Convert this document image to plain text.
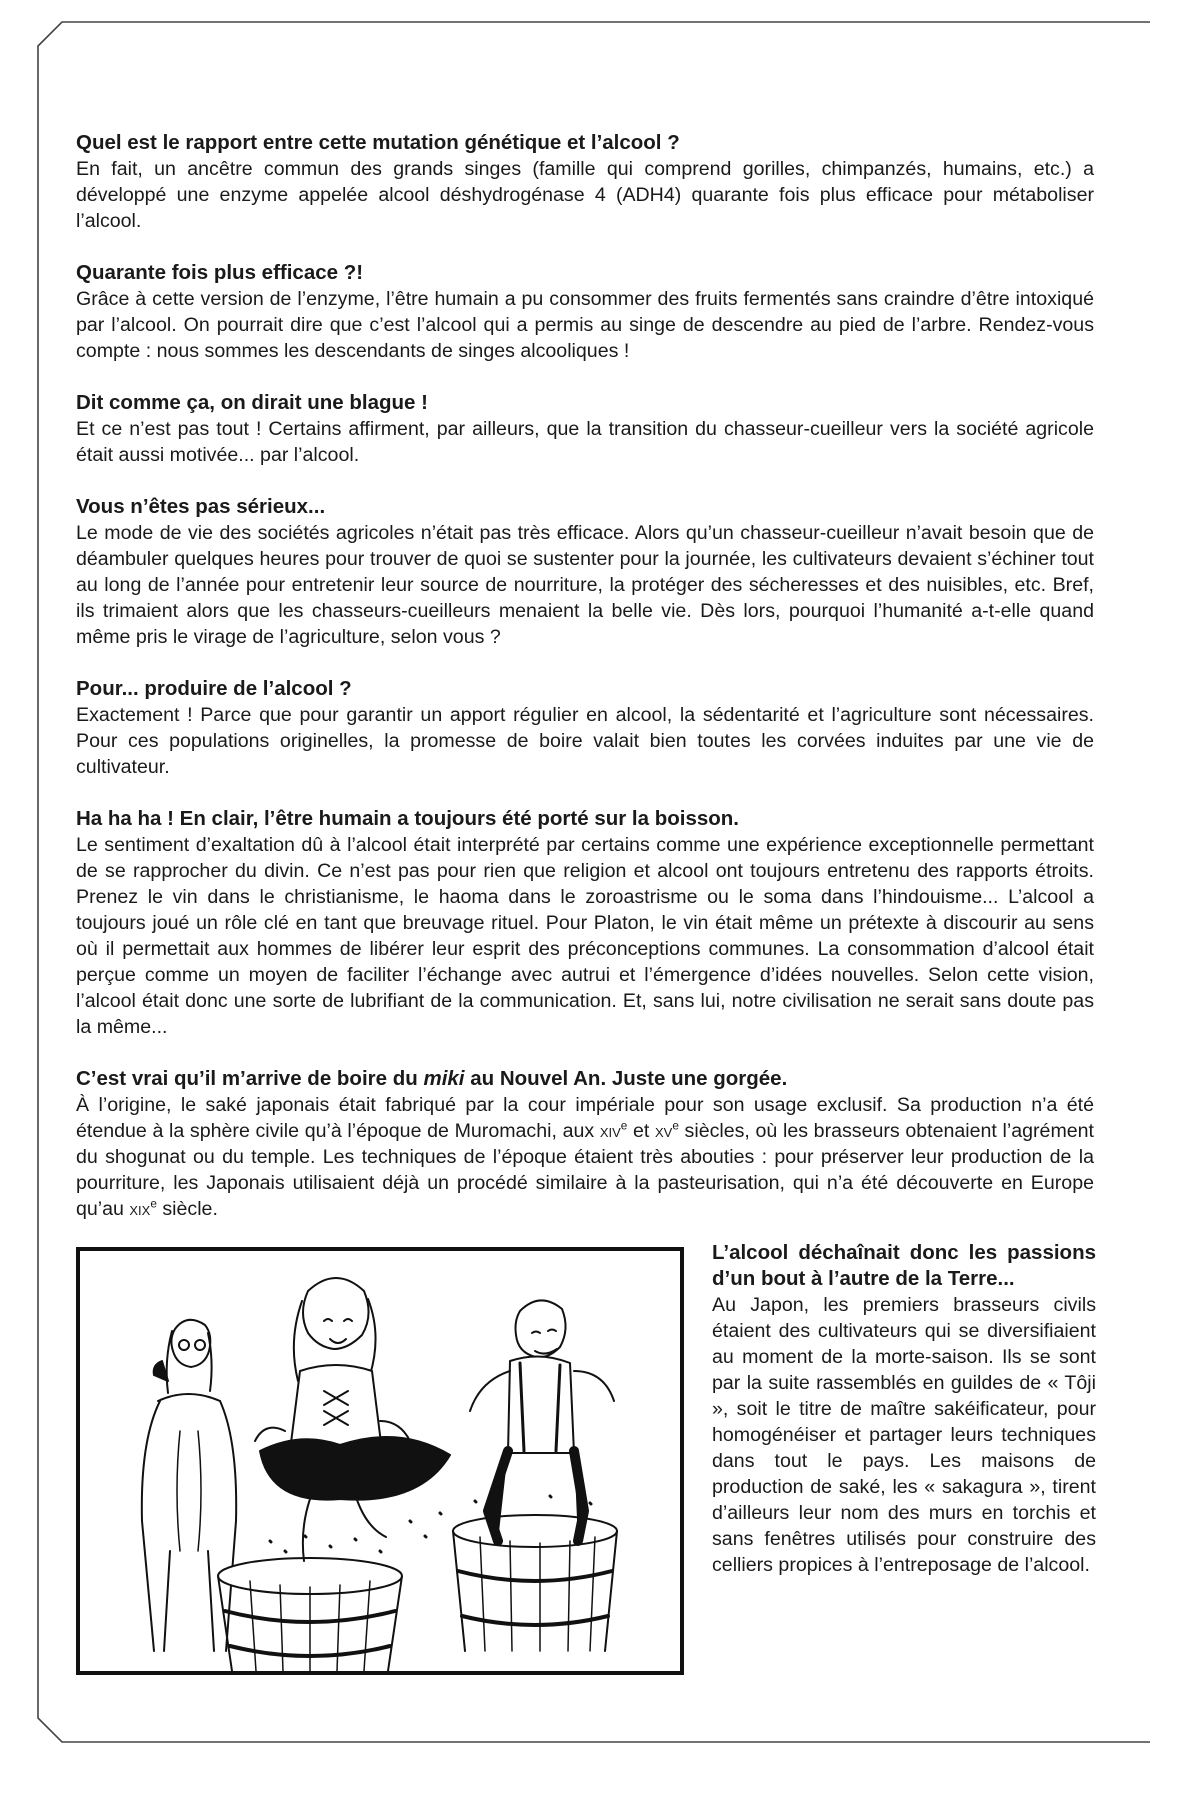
Quel est le rapport entre cette mutation génétique et l’alcool ?

En fait, un ancêtre commun des grands singes (famille qui comprend gorilles, chimpanzés, humains, etc.) a développé une enzyme appelée alcool déshydrogénase 4 (ADH4) quarante fois plus efficace pour métaboliser l’alcool.

Quarante fois plus efficace ?!

Grâce à cette version de l’enzyme, l’être humain a pu consommer des fruits fermentés sans craindre d’être intoxiqué par l’alcool. On pourrait dire que c’est l’alcool qui a permis au singe de descendre au pied de l’arbre. Rendez-vous compte : nous sommes les descendants de singes alcooliques !

Dit comme ça, on dirait une blague !

Et ce n’est pas tout ! Certains affirment, par ailleurs, que la transition du chasseur-cueilleur vers la société agricole était aussi motivée... par l’alcool.

Vous n’êtes pas sérieux...

Le mode de vie des sociétés agricoles n’était pas très efficace. Alors qu’un chasseur-cueilleur n’avait besoin que de déambuler quelques heures pour trouver de quoi se sustenter pour la journée, les cultivateurs devaient s’échiner tout au long de l’année pour entretenir leur source de nourriture, la protéger des sécheresses et des nuisibles, etc. Bref, ils trimaient alors que les chasseurs-cueilleurs menaient la belle vie. Dès lors, pourquoi l’humanité a-t-elle quand même pris le virage de l’agriculture, selon vous ?

Pour... produire de l’alcool ?

Exactement ! Parce que pour garantir un apport régulier en alcool, la sédentarité et l’agriculture sont nécessaires. Pour ces populations originelles, la promesse de boire valait bien toutes les corvées induites par une vie de cultivateur.

Ha ha ha ! En clair, l’être humain a toujours été porté sur la boisson.

Le sentiment d’exaltation dû à l’alcool était interprété par certains comme une expérience exceptionnelle permettant de se rapprocher du divin. Ce n’est pas pour rien que religion et alcool ont toujours entretenu des rapports étroits. Prenez le vin dans le christianisme, le haoma dans le zoroastrisme ou le soma dans l’hindouisme... L’alcool a toujours joué un rôle clé en tant que breuvage rituel. Pour Platon, le vin était même un prétexte à discourir au sens où il permettait aux hommes de libérer leur esprit des préconceptions communes. La consommation d’alcool était perçue comme un moyen de faciliter l’échange avec autrui et l’émergence d’idées nouvelles. Selon cette vision, l’alcool était donc une sorte de lubrifiant de la communication. Et, sans lui, notre civilisation ne serait sans doute pas la même...

C’est vrai qu’il m’arrive de boire du miki au Nouvel An. Juste une gorgée.

À l’origine, le saké japonais était fabriqué par la cour impériale pour son usage exclusif. Sa production n’a été étendue à la sphère civile qu’à l’époque de Muromachi, aux xiv$^e$ et $xv^e$ siècles, où les brasseurs obtenaient l’agrément du shogunat ou du temple. Les techniques de l’époque étaient très abouties : pour préserver leur production de la pourriture, les Japonais utilisaient déjà un procédé similaire à la pasteurisation, qui n’a été découverte en Europe qu’au xix$^e$ siècle.

L’alcool déchaînait donc les passions d’un bout à l’autre de la Terre...

Au Japon, les premiers brasseurs civils étaient des cultivateurs qui se diversifiaient au moment de la morte-saison. Ils se sont par la suite rassemblés en guildes de « Tôji », soit le titre de maître sakéificateur, pour homogénéiser et partager leurs techniques dans tout le pays. Les maisons de production de saké, les « sakagura », tirent d’ailleurs leur nom des murs en torchis et sans fenêtres utilisés pour construire des celliers propices à l’entreposage de l’alcool.
